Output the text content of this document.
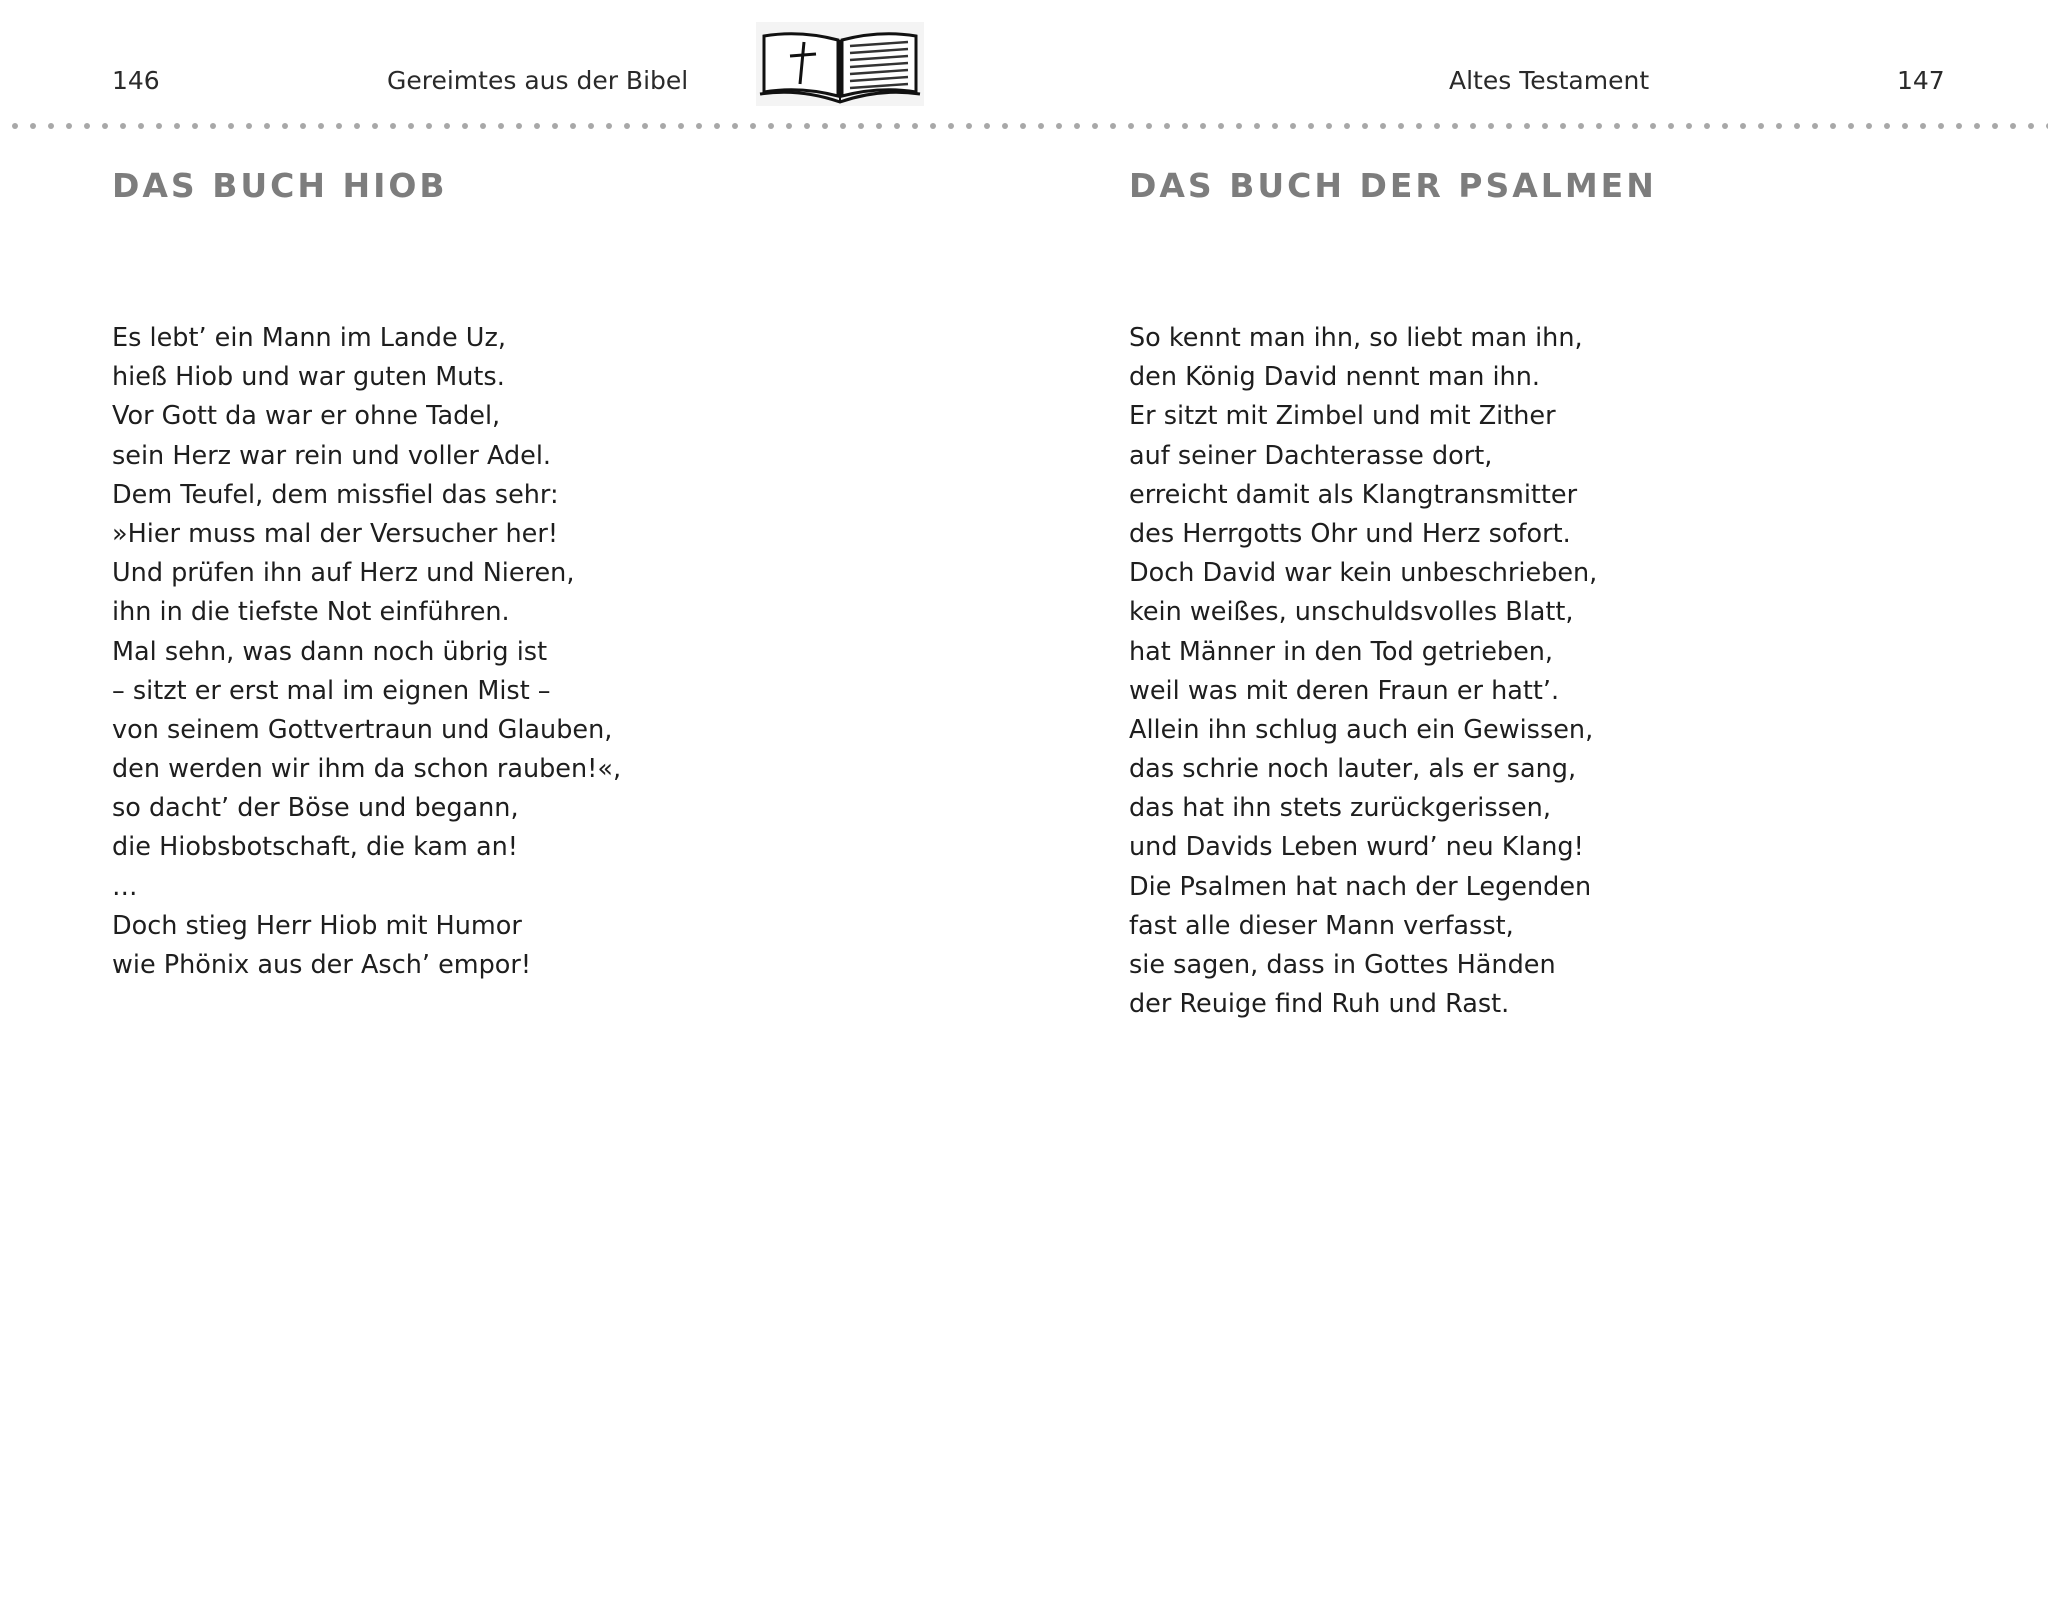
146	Gereimtes aus der Bibel	Altes Testament	147
DAS BUCH HIOB	DAS BUCH DER PSALMEN
Es lebt’ ein Mann im Lande Uz,
hieß Hiob und war guten Muts.
Vor Gott da war er ohne Tadel,
sein Herz war rein und voller Adel.
Dem Teufel, dem missfiel das sehr:
»Hier muss mal der Versucher her!
Und prüfen ihn auf Herz und Nieren,
ihn in die tiefste Not einführen.
Mal sehn, was dann noch übrig ist
– sitzt er erst mal im eignen Mist –
von seinem Gottvertraun und Glauben,
den werden wir ihm da schon rauben!«,
so dacht’ der Böse und begann,
die Hiobsbotschaft, die kam an!
…
Doch stieg Herr Hiob mit Humor
wie Phönix aus der Asch’ empor!
So kennt man ihn, so liebt man ihn,
den König David nennt man ihn.
Er sitzt mit Zimbel und mit Zither
auf seiner Dachterasse dort,
erreicht damit als Klangtransmitter
des Herrgotts Ohr und Herz sofort.
Doch David war kein unbeschrieben,
kein weißes, unschuldsvolles Blatt,
hat Männer in den Tod getrieben,
weil was mit deren Fraun er hatt’.
Allein ihn schlug auch ein Gewissen,
das schrie noch lauter, als er sang,
das hat ihn stets zurückgerissen,
und Davids Leben wurd’ neu Klang!
Die Psalmen hat nach der Legenden
fast alle dieser Mann verfasst,
sie sagen, dass in Gottes Händen
der Reuige find Ruh und Rast.
